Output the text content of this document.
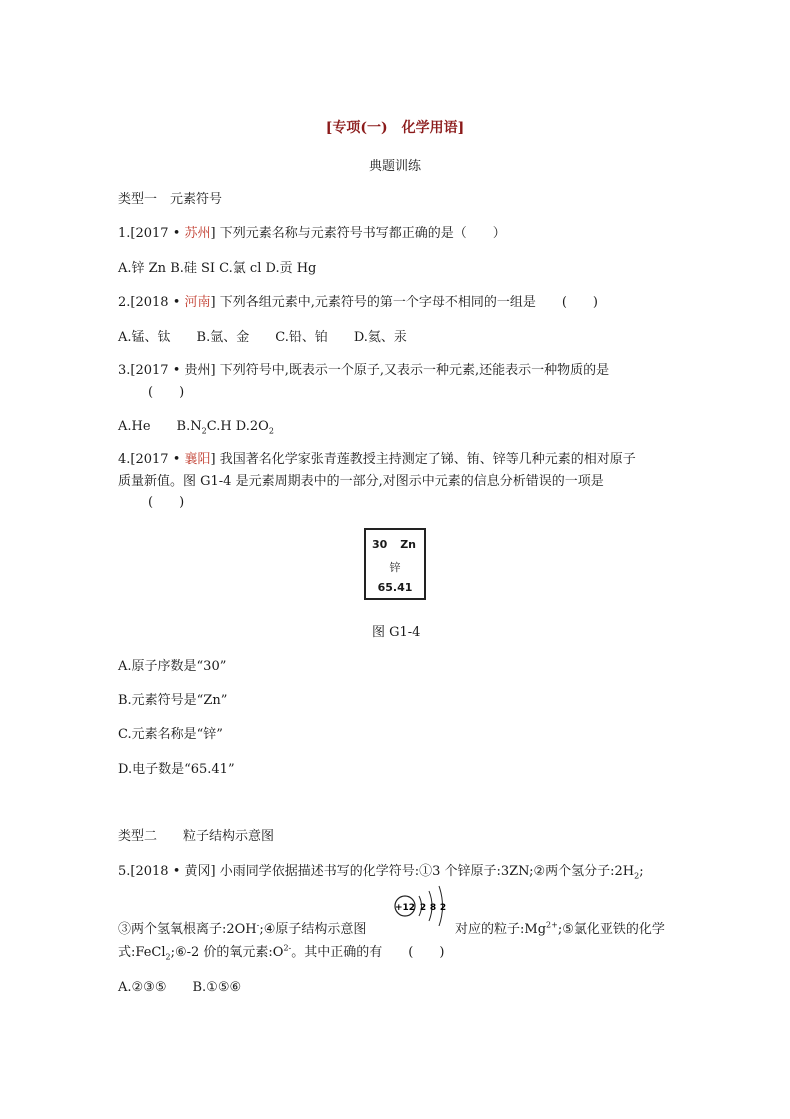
[专项(一)　化学用语]
典题训练
类型一　元素符号
1.[2017 • 苏州] 下列元素名称与元素符号书写都正确的是（　　）
A.锌 Zn B.硅 SI C.氯 cl D.贡 Hg
2.[2018 • 河南] 下列各组元素中,元素符号的第一个字母不相同的一组是　　(　　)
A.锰、钛　　B.氩、金　　C.铅、铂　　D.氦、汞
3.[2017 • 贵州] 下列符号中,既表示一个原子,又表示一种元素,还能表示一种物质的是
(　　)
A.He　　$B.N_2C.H$ $D.2O_2$
4.[2017 • 襄阳] 我国著名化学家张青莲教授主持测定了锑、铕、锌等几种元素的相对原子
质量新值。图 G1-4 是元素周期表中的一部分,对图示中元素的信息分析错误的一项是
(　　)
30 Zn
锌
65.41
图 G1-4
A.原子序数是“30”
B.元素符号是“Zn”
C.元素名称是“锌”
D.电子数是“65.41”
类型二　　粒子结构示意图
5.[2018 • 黄冈] 小雨同学依据描述书写的化学符号:①3 个锌原子:3ZN;②两个氢分子$:2H_2$;
③两个氢氧根离子:2OH-;④原子结构示意图
+12 2 8 2
对应的粒子$:Mg^{2+};⑤$氯化亚铁的化学
式:FeCl$_2$;⑥-2 价的氧元素$:O^{2-}$。其中正确的有　　(　　)
A.②③⑤　　B.①⑤⑥
